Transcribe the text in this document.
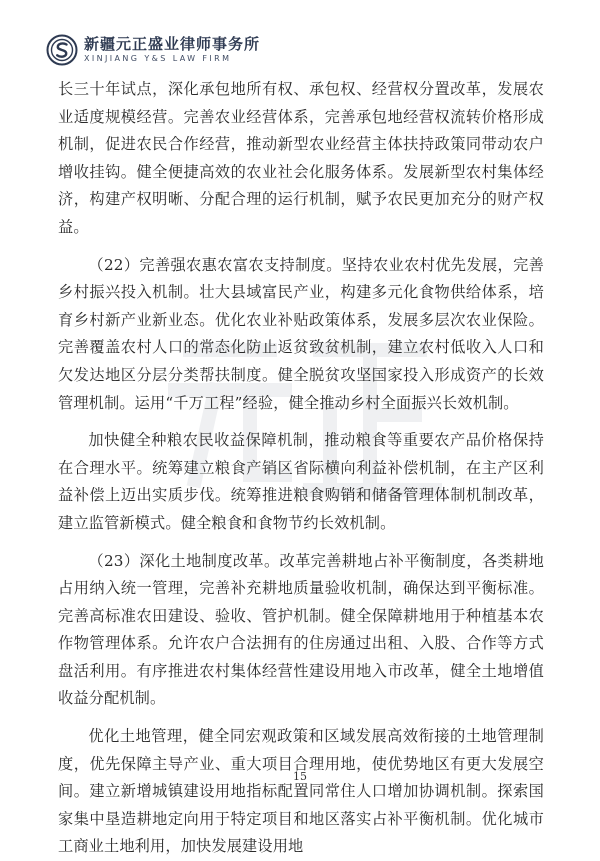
新疆元正盛业律师事务所
XINJIANG Y&S LAW FIRM

长三十年试点，深化承包地所有权、承包权、经营权分置改革，发展农业适度规模经营。完善农业经营体系，完善承包地经营权流转价格形成机制，促进农民合作经营，推动新型农业经营主体扶持政策同带动农户增收挂钩。健全便捷高效的农业社会化服务体系。发展新型农村集体经济，构建产权明晰、分配合理的运行机制，赋予农民更加充分的财产权益。

（22）完善强农惠农富农支持制度。坚持农业农村优先发展，完善乡村振兴投入机制。壮大县域富民产业，构建多元化食物供给体系，培育乡村新产业新业态。优化农业补贴政策体系，发展多层次农业保险。完善覆盖农村人口的常态化防止返贫致贫机制，建立农村低收入人口和欠发达地区分层分类帮扶制度。健全脱贫攻坚国家投入形成资产的长效管理机制。运用“千万工程”经验，健全推动乡村全面振兴长效机制。

加快健全种粮农民收益保障机制，推动粮食等重要农产品价格保持在合理水平。统筹建立粮食产销区省际横向利益补偿机制，在主产区利益补偿上迈出实质步伐。统筹推进粮食购销和储备管理体制机制改革，建立监管新模式。健全粮食和食物节约长效机制。

（23）深化土地制度改革。改革完善耕地占补平衡制度，各类耕地占用纳入统一管理，完善补充耕地质量验收机制，确保达到平衡标准。完善高标准农田建设、验收、管护机制。健全保障耕地用于种植基本农作物管理体系。允许农户合法拥有的住房通过出租、入股、合作等方式盘活利用。有序推进农村集体经营性建设用地入市改革，健全土地增值收益分配机制。

优化土地管理，健全同宏观政策和区域发展高效衔接的土地管理制度，优先保障主导产业、重大项目合理用地，使优势地区有更大发展空间。建立新增城镇建设用地指标配置同常住人口增加协调机制。探索国家集中垦造耕地定向用于特定项目和地区落实占补平衡机制。优化城市工商业土地利用，加快发展建设用地

15
